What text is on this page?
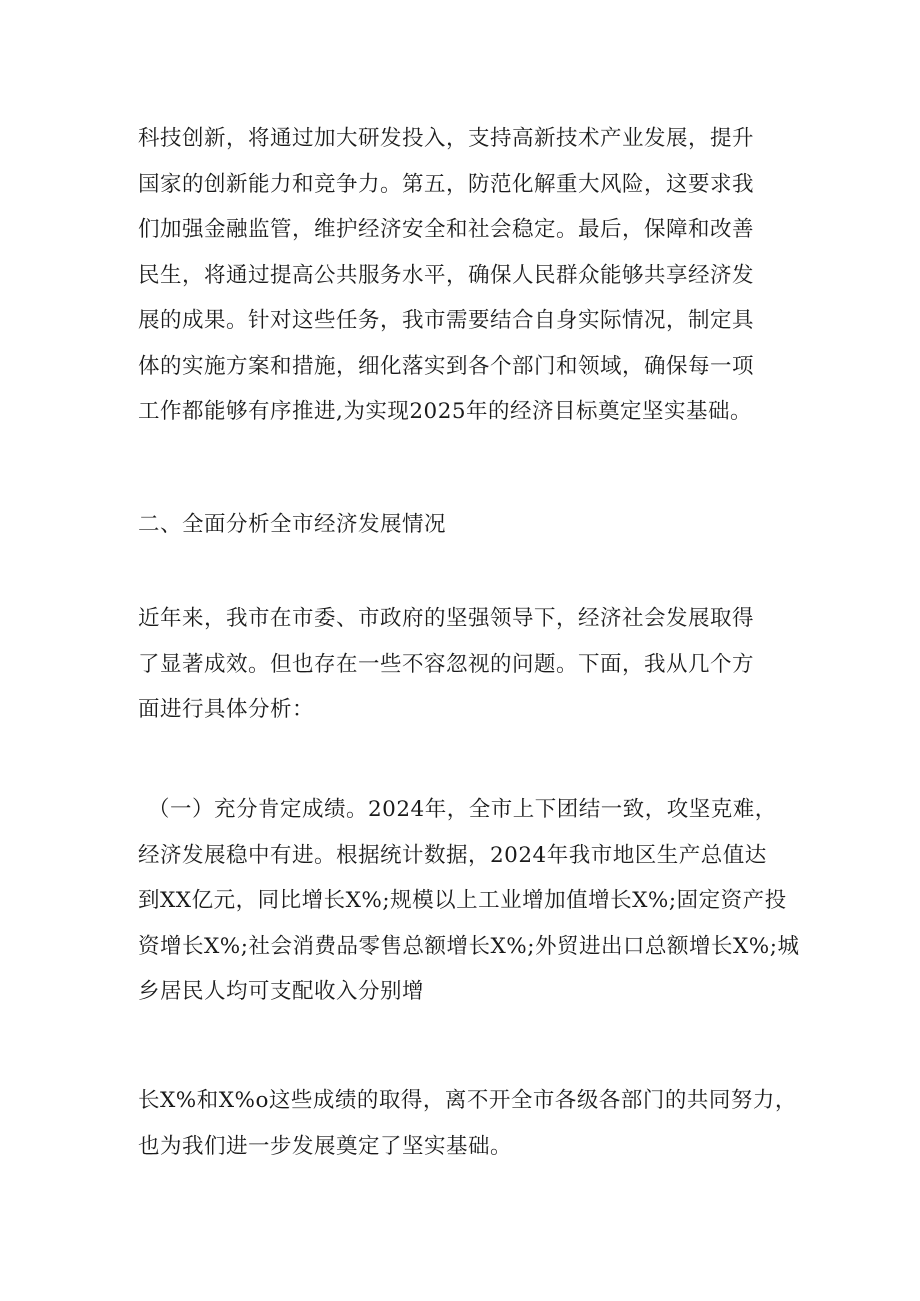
科技创新，将通过加大研发投入，支持高新技术产业发展，提升
国家的创新能力和竞争力。第五，防范化解重大风险，这要求我
们加强金融监管，维护经济安全和社会稳定。最后，保障和改善
民生，将通过提高公共服务水平，确保人民群众能够共享经济发
展的成果。针对这些任务，我市需要结合自身实际情况，制定具
体的实施方案和措施，细化落实到各个部门和领域，确保每一项
工作都能够有序推进,为实现2025年的经济目标奠定坚实基础。
二、全面分析全市经济发展情况
近年来，我市在市委、市政府的坚强领导下，经济社会发展取得
了显著成效。但也存在一些不容忽视的问题。下面，我从几个方
面进行具体分析：
（一）充分肯定成绩。2024年，全市上下团结一致，攻坚克难，
经济发展稳中有进。根据统计数据，2024年我市地区生产总值达
到XX亿元，同比增长X%;规模以上工业增加值增长X%;固定资产投
资增长X%;社会消费品零售总额增长X%;外贸进出口总额增长X%;城
乡居民人均可支配收入分别增
长X%和X%o这些成绩的取得，离不开全市各级各部门的共同努力，
也为我们进一步发展奠定了坚实基础。
